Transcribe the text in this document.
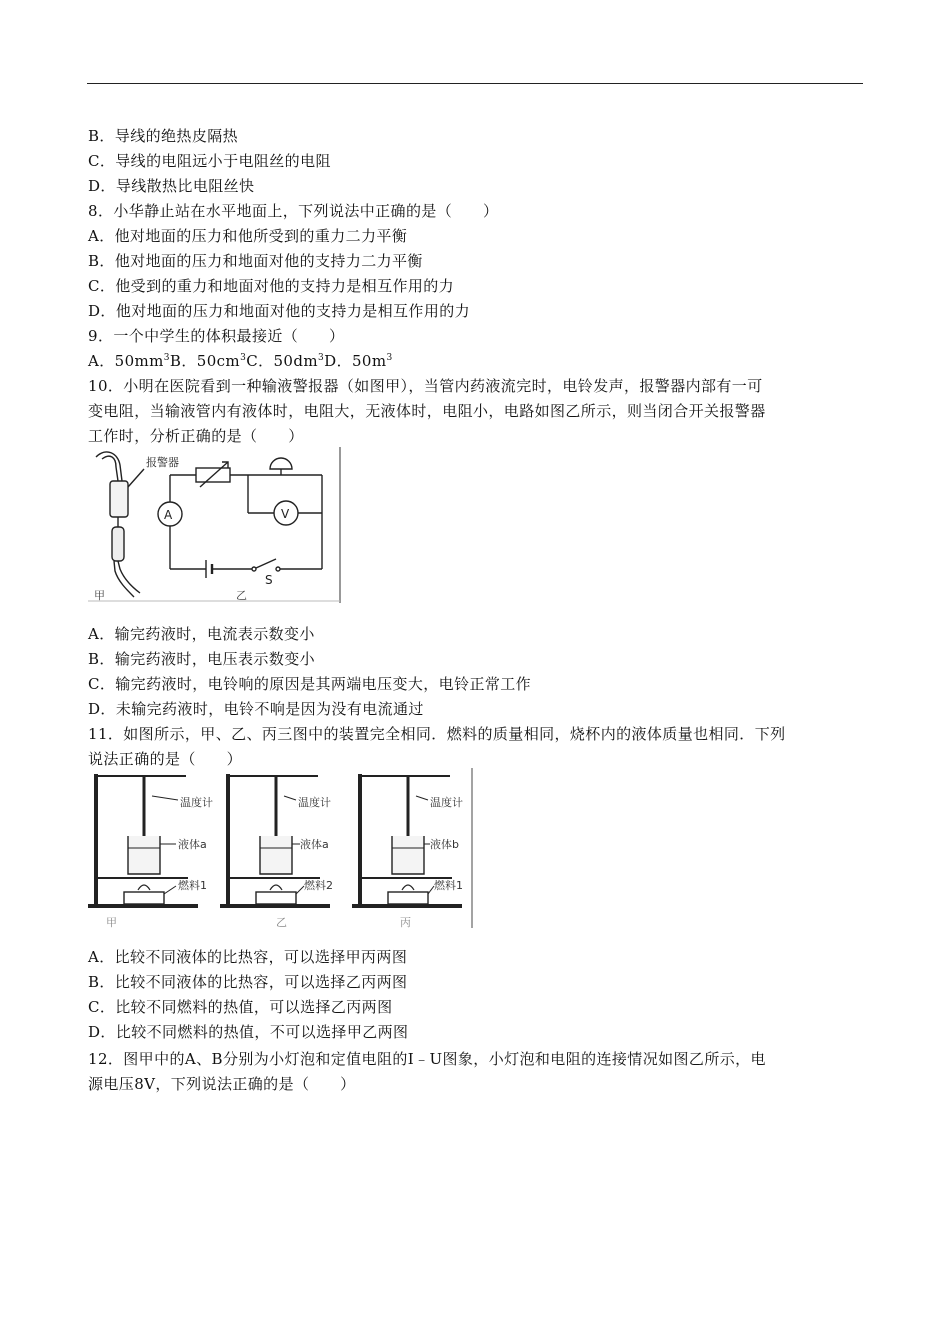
B．导线的绝热皮隔热
C．导线的电阻远小于电阻丝的电阻
D．导线散热比电阻丝快
8．小华静止站在水平地面上，下列说法中正确的是（　　）
A．他对地面的压力和他所受到的重力二力平衡
B．他对地面的压力和地面对他的支持力二力平衡
C．他受到的重力和地面对他的支持力是相互作用的力
D．他对地面的压力和地面对他的支持力是相互作用的力
9．一个中学生的体积最接近（　　）
A．$50mm^3B$．$50cm^3C$．$50dm^3D$．$50m^3$
10．小明在医院看到一种输液警报器（如图甲），当管内药液流完时，电铃发声，报警器内部有一可
变电阻，当输液管内有液体时，电阻大，无液体时，电阻小，电路如图乙所示，则当闭合开关报警器
工作时，分析正确的是（　　）
报警器
甲
A	V
S
乙
A．输完药液时，电流表示数变小
B．输完药液时，电压表示数变小
C．输完药液时，电铃响的原因是其两端电压变大，电铃正常工作
D．未输完药液时，电铃不响是因为没有电流通过
11．如图所示，甲、乙、丙三图中的装置完全相同．燃料的质量相同，烧杯内的液体质量也相同．下列
说法正确的是（　　）
温度计
液体a
燃料1
甲
温度计
液体a
燃料2
乙
温度计
液体b
燃料1
丙
A．比较不同液体的比热容，可以选择甲丙两图
B．比较不同液体的比热容，可以选择乙丙两图
C．比较不同燃料的热值，可以选择乙丙两图
D．比较不同燃料的热值，不可以选择甲乙两图
12．图甲中的A、B分别为小灯泡和定值电阻的I﹣U图象，小灯泡和电阻的连接情况如图乙所示，电
源电压8V，下列说法正确的是（　　）
